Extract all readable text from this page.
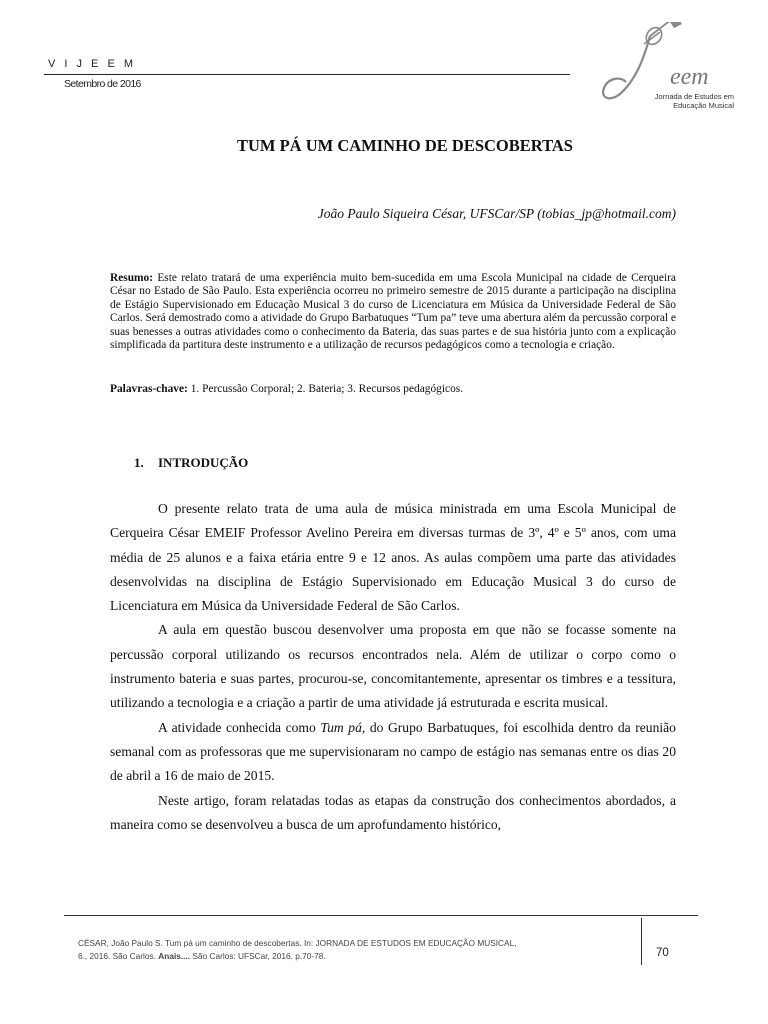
V I J E E M
Setembro de 2016	eem
Jornada de Estudos em
Educação Musical
TUM PÁ UM CAMINHO DE DESCOBERTAS
João Paulo Siqueira César, UFSCar/SP (tobias_jp@hotmail.com)
Resumo: Este relato tratará de uma experiência muito bem-sucedida em uma Escola Municipal na cidade de Cerqueira César no Estado de São Paulo. Esta experiência ocorreu no primeiro semestre de 2015 durante a participação na disciplina de Estágio Supervisionado em Educação Musical 3 do curso de Licenciatura em Música da Universidade Federal de São Carlos. Será demostrado como a atividade do Grupo Barbatuques “Tum pa” teve uma abertura além da percussão corporal e suas benesses a outras atividades como o conhecimento da Bateria, das suas partes e de sua história junto com a explicação simplificada da partitura deste instrumento e a utilização de recursos pedagógicos como a tecnologia e criação.
Palavras-chave: 1. Percussão Corporal; 2. Bateria; 3. Recursos pedagógicos.
1. INTRODUÇÃO

O presente relato trata de uma aula de música ministrada em uma Escola Municipal de Cerqueira César EMEIF Professor Avelino Pereira em diversas turmas de 3º, 4º e 5º anos, com uma média de 25 alunos e a faixa etária entre 9 e 12 anos. As aulas compõem uma parte das atividades desenvolvidas na disciplina de Estágio Supervisionado em Educação Musical 3 do curso de Licenciatura em Música da Universidade Federal de São Carlos.

A aula em questão buscou desenvolver uma proposta em que não se focasse somente na percussão corporal utilizando os recursos encontrados nela. Além de utilizar o corpo como o instrumento bateria e suas partes, procurou-se, concomitantemente, apresentar os timbres e a tessitura, utilizando a tecnologia e a criação a partir de uma atividade já estruturada e escrita musical.

A atividade conhecida como Tum pá, do Grupo Barbatuques, foi escolhida dentro da reunião semanal com as professoras que me supervisionaram no campo de estágio nas semanas entre os dias 20 de abril a 16 de maio de 2015.

Neste artigo, foram relatadas todas as etapas da construção dos conhecimentos abordados, a maneira como se desenvolveu a busca de um aprofundamento histórico,

CÉSAR, João Paulo S. Tum pá um caminho de descobertas. In: JORNADA DE ESTUDOS EM EDUCAÇÃO MUSICAL,
6., 2016. São Carlos. Anais.... São Carlos: UFSCar, 2016. p.70-78.	70
